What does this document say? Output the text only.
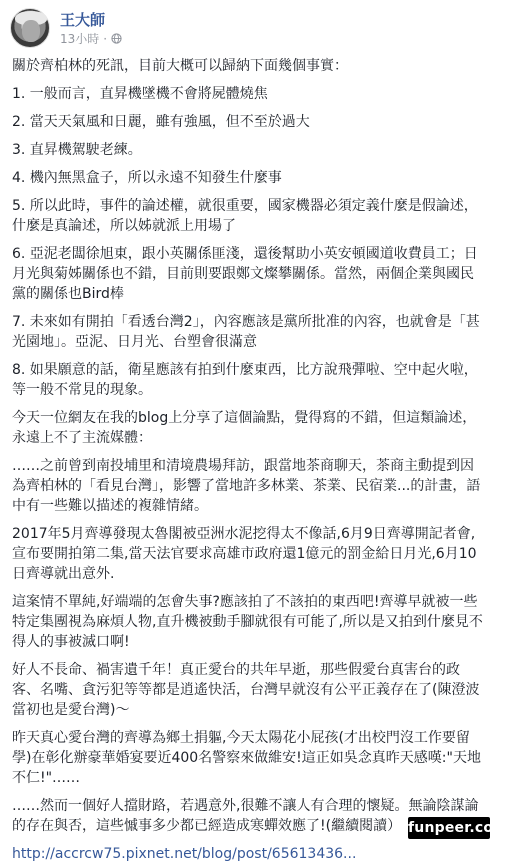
王大師
13小時 ·

關於齊柏林的死訊，目前大概可以歸納下面幾個事實：

1. 一般而言，直昇機墜機不會將屍體燒焦

2. 當天天氣風和日麗，雖有強風，但不至於過大

3. 直昇機駕駛老練。

4. 機內無黑盒子，所以永遠不知發生什麼事

5. 所以此時，事件的論述權，就很重要，國家機器必須定義什麼是假論述，什麼是真論述，所以姊就派上用場了

6. 亞泥老闆徐旭東，跟小英關係匪淺，還後幫助小英安頓國道收費員工；日月光與菊姊關係也不錯，目前則要跟鄭文燦攀關係。當然，兩個企業與國民黨的關係也Bird棒

7. 未來如有開拍「看透台灣2」，內容應該是黨所批准的內容，也就會是「甚光園地」。亞泥、日月光、台塑會很滿意

8. 如果願意的話，衛星應該有拍到什麼東西，比方說飛彈啦、空中起火啦，等一般不常見的現象。

今天一位網友在我的blog上分享了這個論點，覺得寫的不錯，但這類論述，永遠上不了主流媒體：

……之前曾到南投埔里和清境農場拜訪，跟當地茶商聊天，茶商主動提到因為齊柏林的「看見台灣」，影響了當地許多林業、茶業、民宿業...的計畫，語中有一些難以描述的複雜情緒。

2017年5月齊導發現太魯閣被亞洲水泥挖得太不像話,6月9日齊導開記者會,宣布要開拍第二集,當天法官要求高雄市政府還1億元的罰金給日月光,6月10日齊導就出意外.

這案情不單純,好端端的怎會失事?應該拍了不該拍的東西吧!齊導早就被一些特定集團視為麻煩人物,直升機被動手腳就很有可能了,所以是又拍到什麼見不得人的事被滅口啊!

好人不長命、禍害遺千年！真正愛台的共年早逝，那些假愛台真害台的政客、名嘴、貪污犯等等都是逍遙快活，台灣早就沒有公平正義存在了(陳澄波當初也是愛台灣)～

昨天真心愛台灣的齊導為鄉土捐軀,今天太陽花小屁孩(才出校門沒工作要留學)在彰化辦豪華婚宴要近400名警察來做維安!這正如吳念真昨天感嘆:"天地不仁!"……

……然而一個好人擋財路，若遇意外,很難不讓人有合理的懷疑。無論陰謀論的存在與否，這些慽事多少都已經造成寒蟬效應了!(繼續閱讀）

http://accrcw75.pixnet.net/blog/post/65613436...
funpeer.com
